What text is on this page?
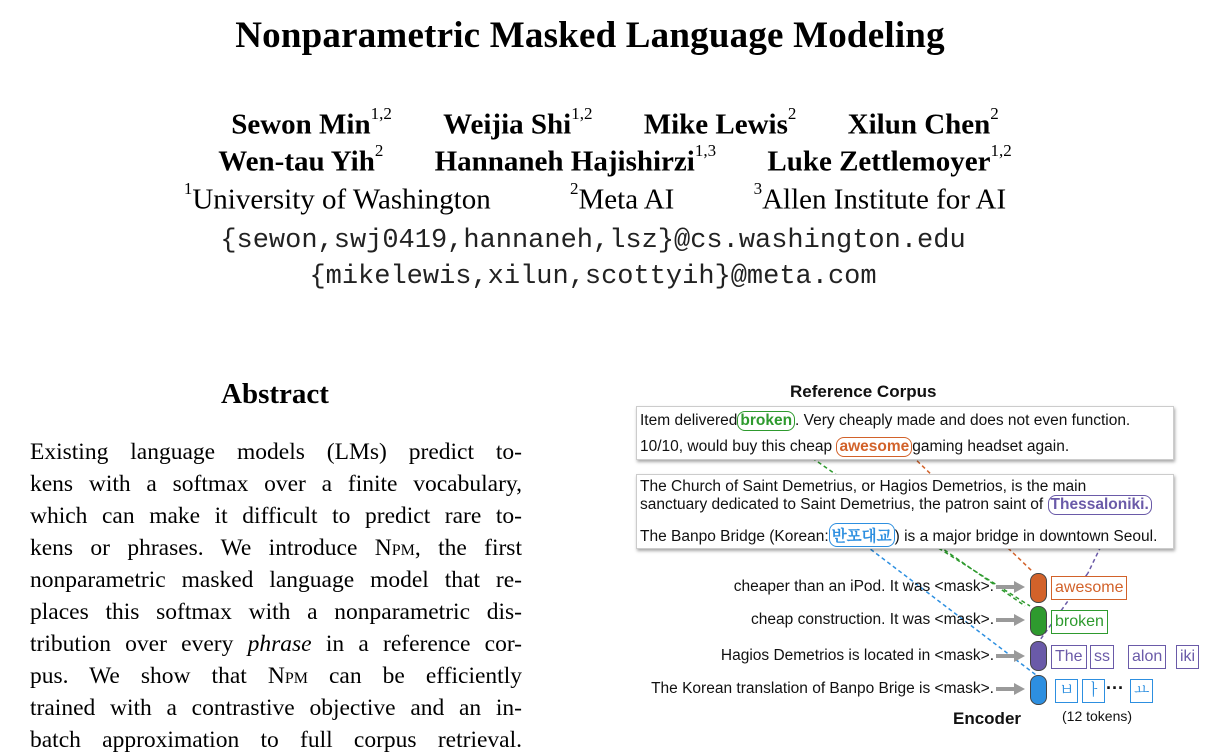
Nonparametric Masked Language Modeling
Sewon Min$^{1,2}$ Weijia Shi$^{1,2}$ Mike Lewis$^2$ Xilun Chen$^2$
Wen-tau Yih$^2$ Hannaneh Hajishirzi$^{1,3}$ Luke Zettlemoyer$^{1,2}$
$^1$University of Washington	$^2$Meta AI	$^3$Allen Institute for AI
{sewon,swj0419,hannaneh,lsz}@cs.washington.edu
{mikelewis,xilun,scottyih}@meta.com
Abstract
Existing language models (LMs) predict to-
kens with a softmax over a finite vocabulary,
which can make it difficult to predict rare to-
kens or phrases. We introduce Npm, the first
nonparametric masked language model that re-
places this softmax with a nonparametric dis-
tribution over every phrase in a reference cor-
pus. We show that Npm can be efficiently
trained with a contrastive objective and an in-
batch approximation to full corpus retrieval.
Reference Corpus
Item delivered broken . Very cheaply made and does not even function.
10/10, would buy this cheap awesome gaming headset again.
The Church of Saint Demetrius, or Hagios Demetrios, is the main
sanctuary dedicated to Saint Demetrius, the patron saint of Thessaloniki.
The Banpo Bridge (Korean: 반포대교 ) is a major bridge in downtown Seoul.
cheaper than an iPod. It was <mask>.
cheap construction. It was <mask>.
Hagios Demetrios is located in <mask>.
The Korean translation of Banpo Brige is <mask>.
awesome
broken
The ss alon iki
ㅂ ㅏ ··· ㅛ
Encoder	(12 tokens)
